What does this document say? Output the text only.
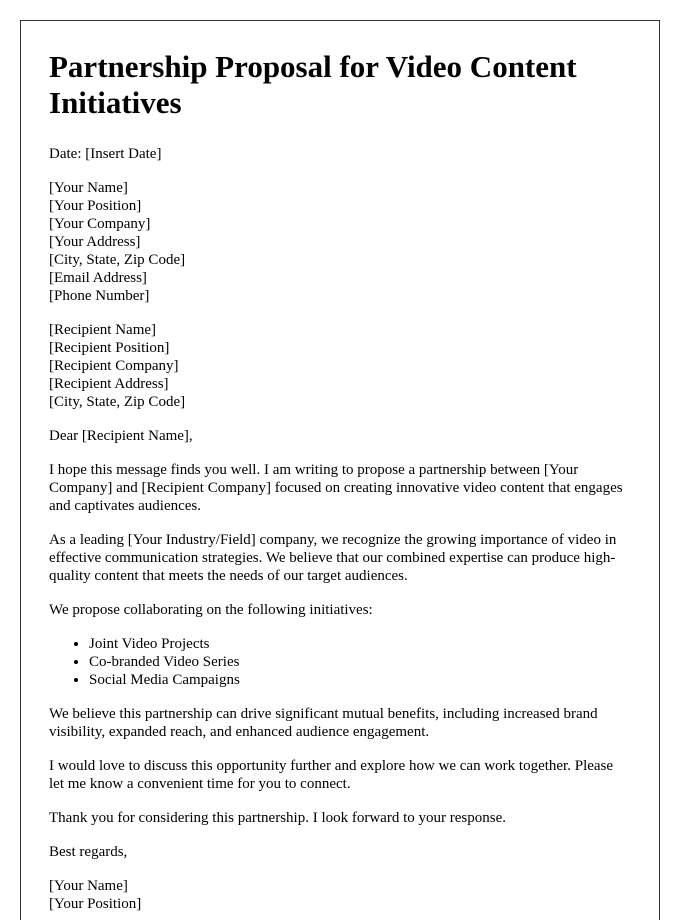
Partnership Proposal for Video Content Initiatives

Date: [Insert Date]

[Your Name]
[Your Position]
[Your Company]
[Your Address]
[City, State, Zip Code]
[Email Address]
[Phone Number]

[Recipient Name]
[Recipient Position]
[Recipient Company]
[Recipient Address]
[City, State, Zip Code]

Dear [Recipient Name],

I hope this message finds you well. I am writing to propose a partnership between [Your Company] and [Recipient Company] focused on creating innovative video content that engages and captivates audiences.

As a leading [Your Industry/Field] company, we recognize the growing importance of video in effective communication strategies. We believe that our combined expertise can produce high-quality content that meets the needs of our target audiences.

We propose collaborating on the following initiatives:

• Joint Video Projects
• Co-branded Video Series
• Social Media Campaigns

We believe this partnership can drive significant mutual benefits, including increased brand visibility, expanded reach, and enhanced audience engagement.

I would love to discuss this opportunity further and explore how we can work together. Please let me know a convenient time for you to connect.

Thank you for considering this partnership. I look forward to your response.

Best regards,

[Your Name]
[Your Position]
